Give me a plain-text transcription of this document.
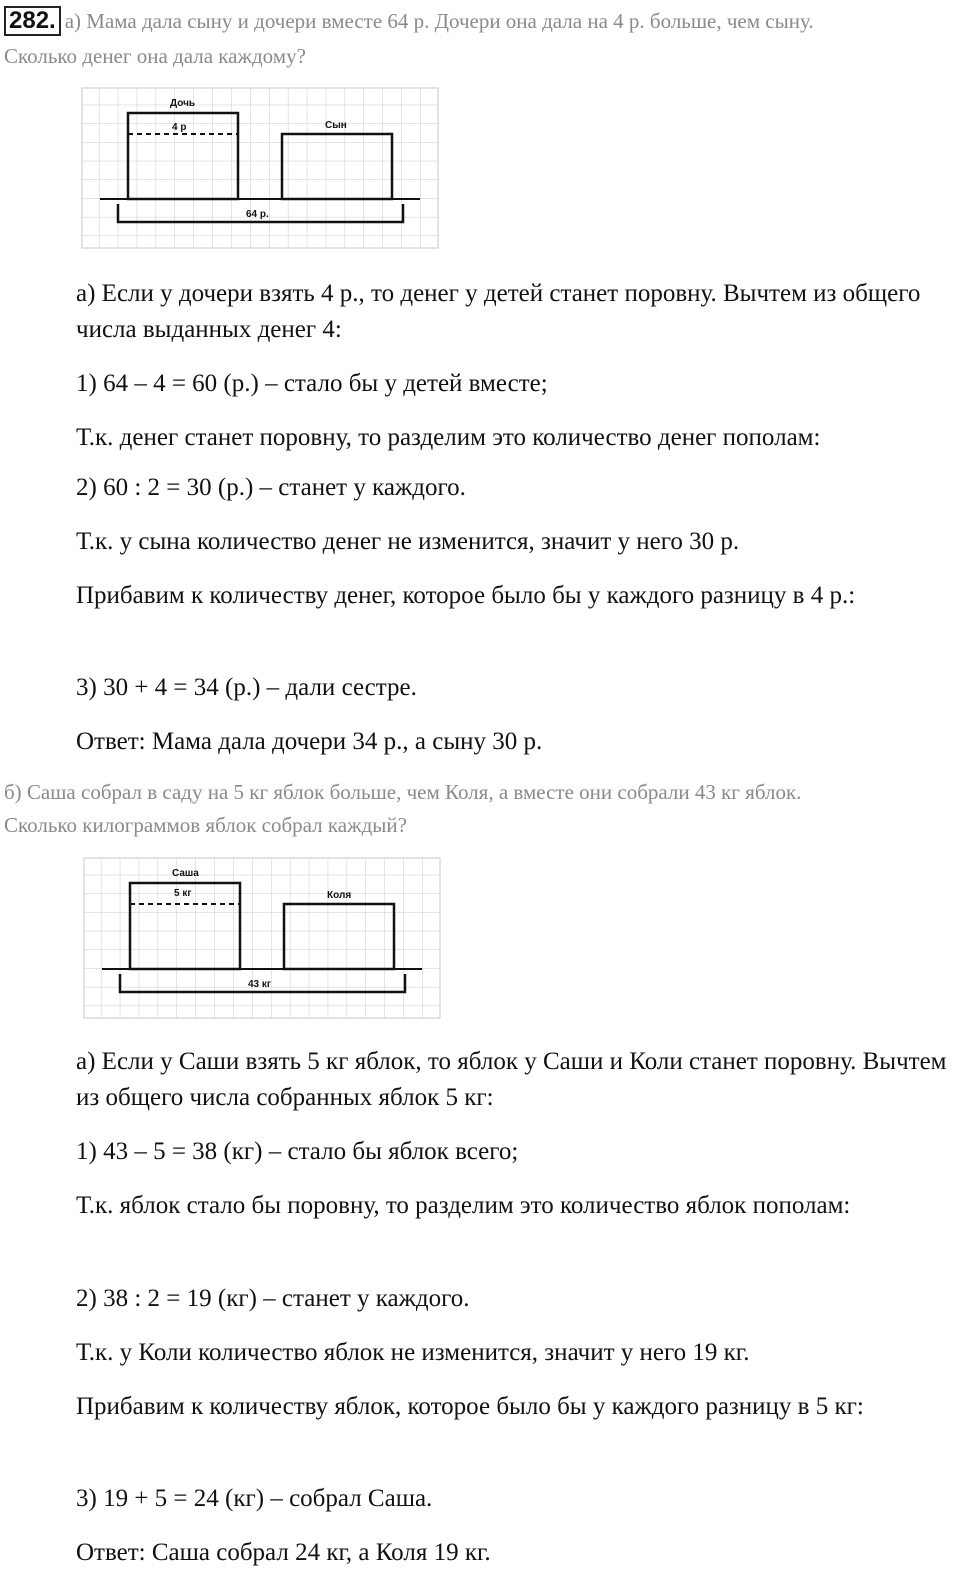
282. а) Мама дала сыну и дочери вместе 64 р. Дочери она дала на 4 р. больше, чем сыну.
Сколько денег она дала каждому?
Дочь
4 р	Сын
64 р.
а) Если у дочери взять 4 р., то денег у детей станет поровну. Вычтем из общего числа выданных денег 4:
1) 64 – 4 = 60 (р.) – стало бы у детей вместе;
Т.к. денег станет поровну, то разделим это количество денег пополам:
2) 60 : 2 = 30 (р.) – станет у каждого.
Т.к. у сына количество денег не изменится, значит у него 30 р.
Прибавим к количеству денег, которое было бы у каждого разницу в 4 р.:
3) 30 + 4 = 34 (р.) – дали сестре.
Ответ: Мама дала дочери 34 р., а сыну 30 р.
б) Саша собрал в саду на 5 кг яблок больше, чем Коля, а вместе они собрали 43 кг яблок.
Сколько килограммов яблок собрал каждый?
Саша
5 кг	Коля
43 кг
а) Если у Саши взять 5 кг яблок, то яблок у Саши и Коли станет поровну. Вычтем из общего числа собранных яблок 5 кг:
1) 43 – 5 = 38 (кг) – стало бы яблок всего;
Т.к. яблок стало бы поровну, то разделим это количество яблок пополам:
2) 38 : 2 = 19 (кг) – станет у каждого.
Т.к. у Коли количество яблок не изменится, значит у него 19 кг.
Прибавим к количеству яблок, которое было бы у каждого разницу в 5 кг:
3) 19 + 5 = 24 (кг) – собрал Саша.
Ответ: Саша собрал 24 кг, а Коля 19 кг.
